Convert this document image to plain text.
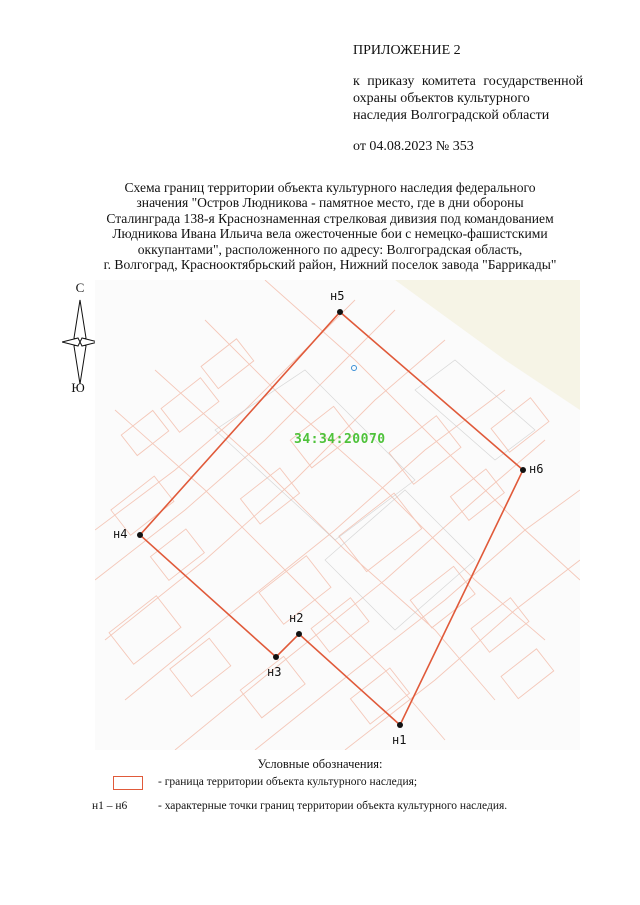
ПРИЛОЖЕНИЕ 2
к приказу комитета государственной
охраны объектов культурного
наследия Волгоградской области
от 04.08.2023 № 353
Схема границ территории объекта культурного наследия федерального
значения "Остров Людникова - памятное место, где в дни обороны
Сталинграда 138-я Краснознаменная стрелковая дивизия под командованием
Людникова Ивана Ильича вела ожесточенные бои с немецко-фашистскими
оккупантами", расположенного по адресу: Волгоградская область,
г. Волгоград, Краснооктябрьский район, Нижний поселок завода "Баррикады"
С
Ю
34:34:20070
н1
н2
н3
н4
н5
н6
Условные обозначения:
- граница территории объекта культурного наследия;
н1 – н6	- характерные точки границ территории объекта культурного наследия.
